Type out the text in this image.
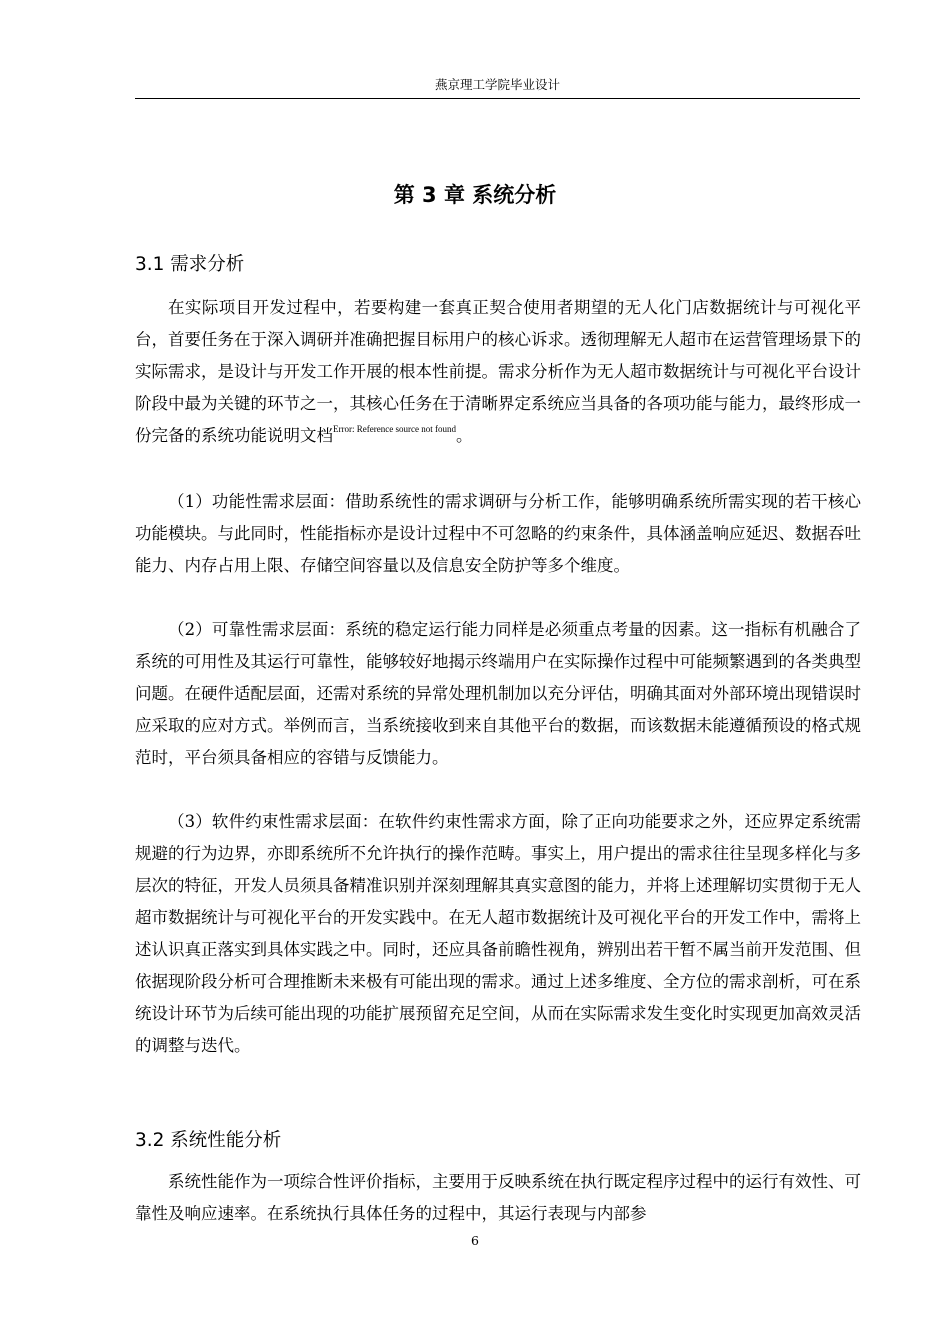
燕京理工学院毕业设计
第 3 章 系统分析
3.1 需求分析

在实际项目开发过程中，若要构建一套真正契合使用者期望的无人化门店数据统计与可视化平台，首要任务在于深入调研并准确把握目标用户的核心诉求。透彻理解无人超市在运营管理场景下的实际需求，是设计与开发工作开展的根本性前提。需求分析作为无人超市数据统计与可视化平台设计阶段中最为关键的环节之一，其核心任务在于清晰界定系统应当具备的各项功能与能力，最终形成一份完备的系统功能说明文档$^{Error: Reference source not found}$。

（1）功能性需求层面：借助系统性的需求调研与分析工作，能够明确系统所需实现的若干核心功能模块。与此同时，性能指标亦是设计过程中不可忽略的约束条件，具体涵盖响应延迟、数据吞吐能力、内存占用上限、存储空间容量以及信息安全防护等多个维度。

（2）可靠性需求层面：系统的稳定运行能力同样是必须重点考量的因素。这一指标有机融合了系统的可用性及其运行可靠性，能够较好地揭示终端用户在实际操作过程中可能频繁遇到的各类典型问题。在硬件适配层面，还需对系统的异常处理机制加以充分评估，明确其面对外部环境出现错误时应采取的应对方式。举例而言，当系统接收到来自其他平台的数据，而该数据未能遵循预设的格式规范时，平台须具备相应的容错与反馈能力。

（3）软件约束性需求层面：在软件约束性需求方面，除了正向功能要求之外，还应界定系统需规避的行为边界，亦即系统所不允许执行的操作范畴。事实上，用户提出的需求往往呈现多样化与多层次的特征，开发人员须具备精准识别并深刻理解其真实意图的能力，并将上述理解切实贯彻于无人超市数据统计与可视化平台的开发实践中。在无人超市数据统计及可视化平台的开发工作中，需将上述认识真正落实到具体实践之中。同时，还应具备前瞻性视角，辨别出若干暂不属当前开发范围、但依据现阶段分析可合理推断未来极有可能出现的需求。通过上述多维度、全方位的需求剖析，可在系统设计环节为后续可能出现的功能扩展预留充足空间，从而在实际需求发生变化时实现更加高效灵活的调整与迭代。

3.2 系统性能分析

系统性能作为一项综合性评价指标，主要用于反映系统在执行既定程序过程中的运行有效性、可靠性及响应速率。在系统执行具体任务的过程中，其运行表现与内部参

6
